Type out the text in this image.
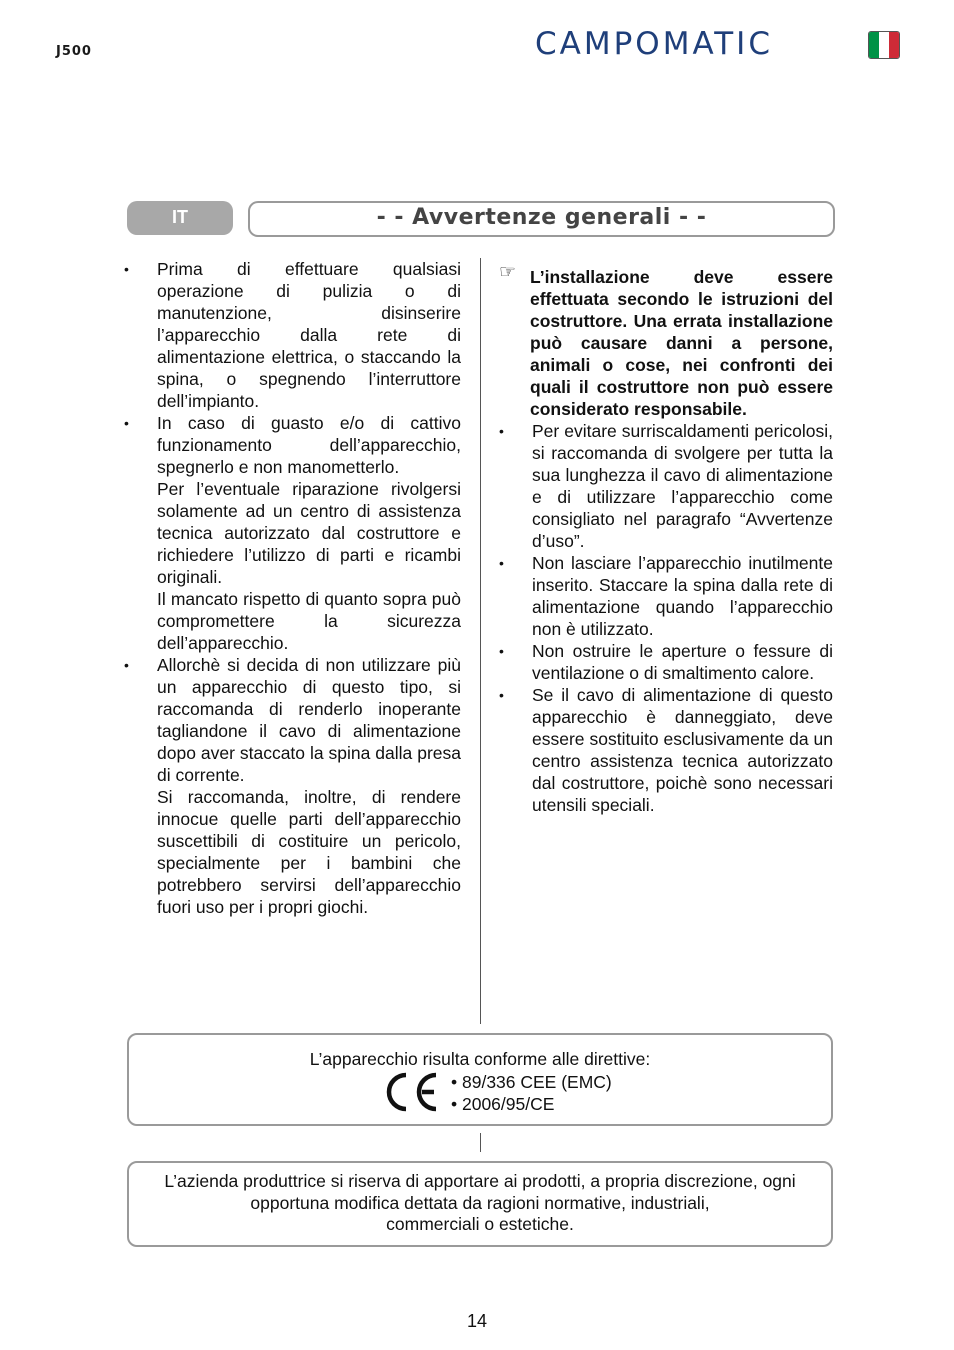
J500	CAMPOMATIC
IT	- - Avvertenze generali - -
• Prima di effettuare qualsiasi operazione di pulizia o di manutenzione, disinserire l’apparecchio dalla rete di alimentazione elettrica, o staccando la spina, o spegnendo l’interruttore dell’impianto.

• In caso di guasto e/o di cattivo funzionamento dell’apparecchio, spegnerlo e non manometterlo.

Per l’eventuale riparazione rivolgersi solamente ad un centro di assistenza tecnica autorizzato dal costruttore e richiedere l’utilizzo di parti e ricambi originali.

Il mancato rispetto di quanto sopra può compromettere la sicurezza dell’apparecchio.

• Allorchè si decida di non utilizzare più un apparecchio di questo tipo, si raccomanda di renderlo inoperante tagliandone il cavo di alimentazione dopo aver staccato la spina dalla presa di corrente.

Si raccomanda, inoltre, di rendere innocue quelle parti dell’apparecchio suscettibili di costituire un pericolo, specialmente per i bambini che potrebbero servirsi dell’apparecchio fuori uso per i propri giochi.

☞ L’installazione deve essere effettuata secondo le istruzioni del costruttore. Una errata installazione può causare danni a persone, animali o cose, nei confronti dei quali il costruttore non può essere considerato responsabile.

• Per evitare surriscaldamenti pericolosi, si raccomanda di svolgere per tutta la sua lunghezza il cavo di alimentazione e di utilizzare l’apparecchio come consigliato nel paragrafo “Avvertenze d’uso”.

• Non lasciare l’apparecchio inutilmente inserito. Staccare la spina dalla rete di alimentazione quando l’apparecchio non è utilizzato.

• Non ostruire le aperture o fessure di ventilazione o di smaltimento calore.

• Se il cavo di alimentazione di questo apparecchio è danneggiato, deve essere sostituito esclusivamente da un centro assistenza tecnica autorizzato dal costruttore, poichè sono necessari utensili speciali.

L’apparecchio risulta conforme alle direttive:
• 89/336 CEE (EMC)
• 2006/95/CE
L’azienda produttrice si riserva di apportare ai prodotti, a propria discrezione, ogni
opportuna modifica dettata da ragioni normative, industriali,
commerciali o estetiche.
14
